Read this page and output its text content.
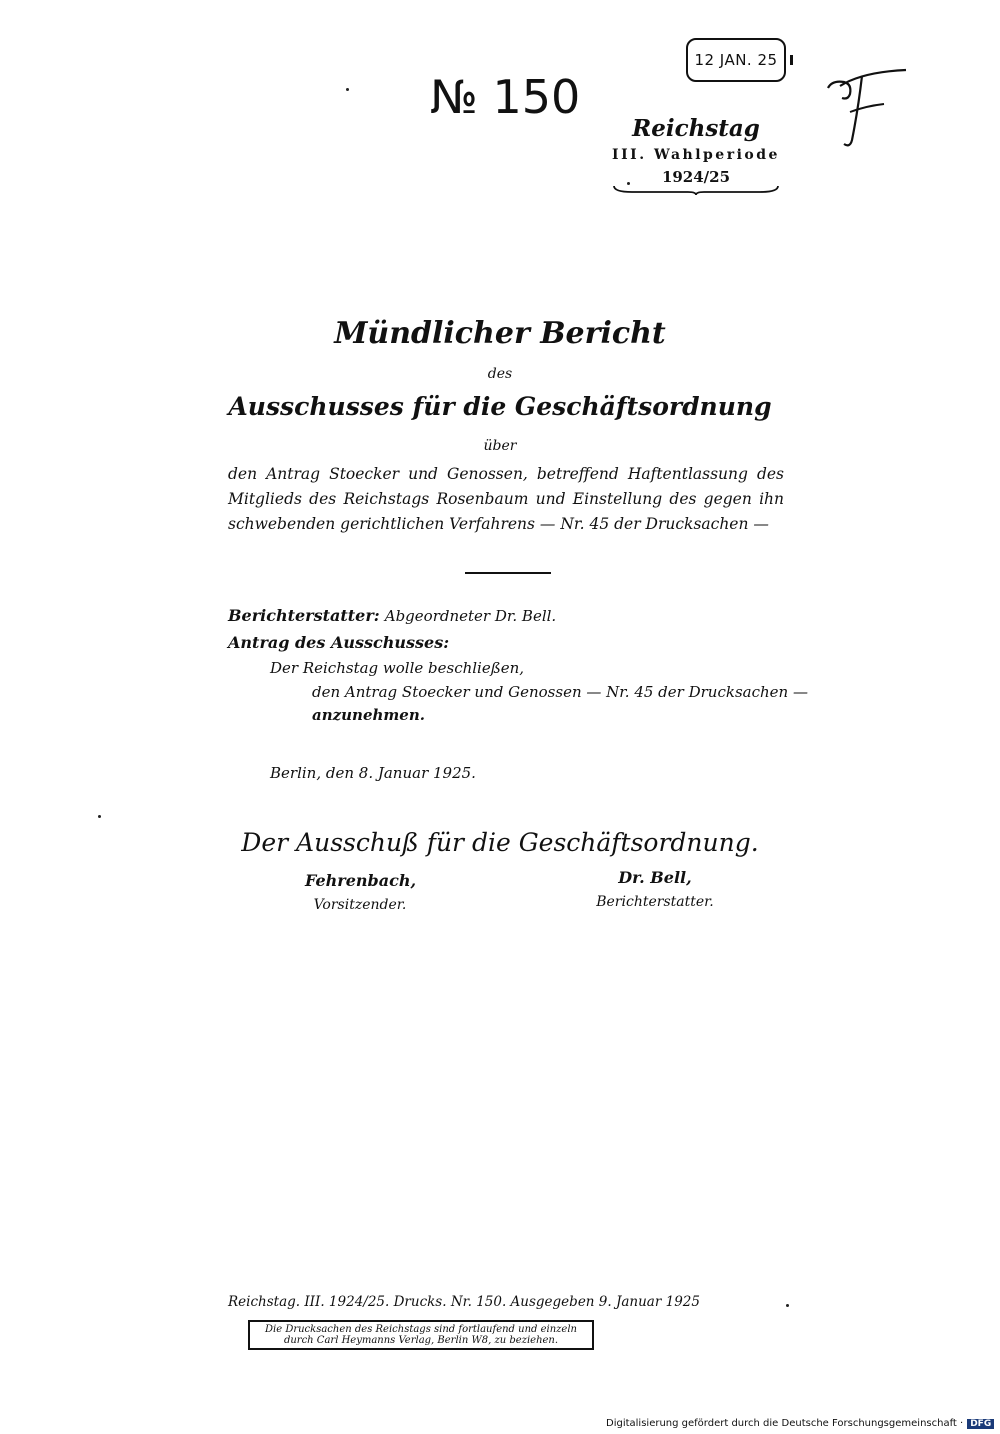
12 JAN. 25
№ 150
Reichstag
III. Wahlperiode
1924/25
Mündlicher Bericht
des
Ausschusses für die Geschäftsordnung
über
den Antrag Stoecker und Genossen, betreffend Haftentlassung des Mitglieds des Reichstags Rosenbaum und Einstellung des gegen ihn schwebenden gerichtlichen Verfahrens — Nr. 45 der Drucksachen —
Berichterstatter: Abgeordneter Dr. Bell.
Antrag des Ausschusses:
Der Reichstag wolle beschließen,
den Antrag Stoecker und Genossen — Nr. 45 der Drucksachen —
anzunehmen.
Berlin, den 8. Januar 1925.
Der Ausschuß für die Geschäftsordnung.
Fehrenbach,
Vorsitzender.
Dr. Bell,
Berichterstatter.
Reichstag. III. 1924/25. Drucks. Nr. 150. Ausgegeben 9. Januar 1925
Die Drucksachen des Reichstags sind fortlaufend und einzeln
durch Carl Heymanns Verlag, Berlin W8, zu beziehen.
Digitalisierung gefördert durch die Deutsche Forschungsgemeinschaft · DFG
